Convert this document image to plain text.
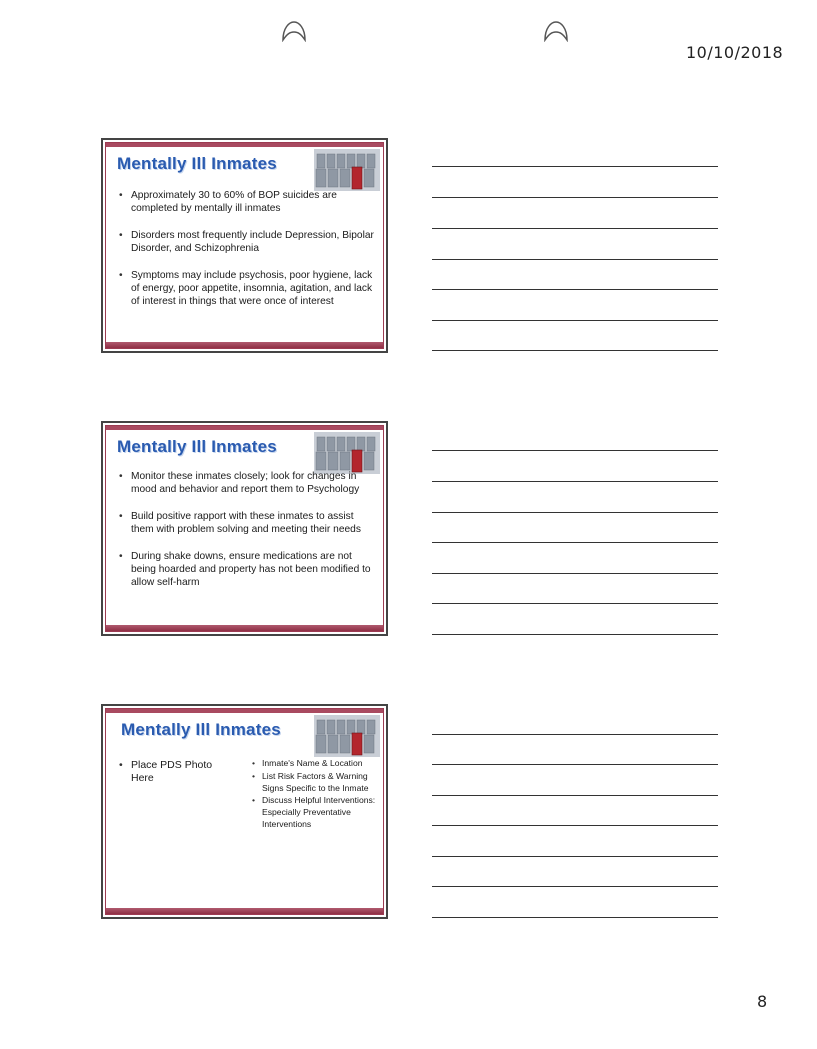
10/10/2018
Mentally Ill Inmates
• Approximately 30 to 60% of BOP suicides are completed by mentally ill inmates
• Disorders most frequently include Depression, Bipolar Disorder, and Schizophrenia
• Symptoms may include psychosis, poor hygiene, lack of energy, poor appetite, insomnia, agitation, and lack of interest in things that were once of interest
Mentally Ill Inmates
• Monitor these inmates closely; look for changes in mood and behavior and report them to Psychology
• Build positive rapport with these inmates to assist them with problem solving and meeting their needs
• During shake downs, ensure medications are not being hoarded and property has not been modified to allow self-harm
Mentally Ill Inmates
• Place PDS Photo Here
• Inmate's Name & Location
• List Risk Factors & Warning Signs Specific to the Inmate
• Discuss Helpful Interventions: Especially Preventative Interventions
8
